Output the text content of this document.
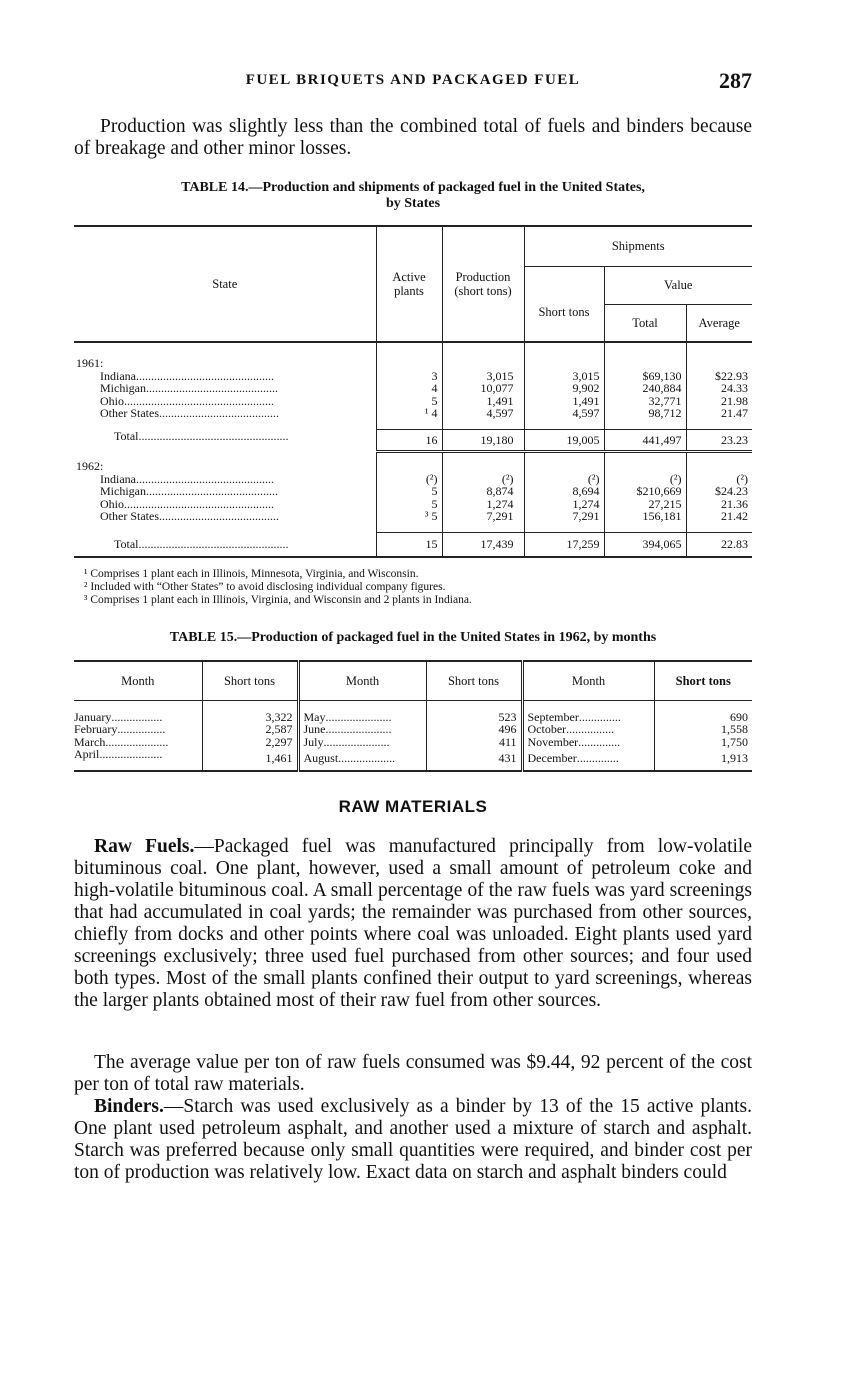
FUEL BRIQUETS AND PACKAGED FUEL	287

Production was slightly less than the combined total of fuels and binders because of breakage and other minor losses.

TABLE 14.—Production and shipments of packaged fuel in the United States,
by States
State	Active plants	Production (short tons)	Shipments		
			Short tons	Value	
				Total	Average
1961:					
Indiana..............................................	3	3,015	3,015	$69,130	$22.93
Michigan............................................	4	10,077	9,902	240,884	24.33
Ohio..................................................	5	1,491	1,491	32,771	21.98
Other States........................................	¹ 4	4,597	4,597	98,712	21.47
Total..................................................	16	19,180	19,005	441,497	23.23
1962:					
Indiana..............................................	(²)	(²)	(²)	(²)	(²)
Michigan............................................	5	8,874	8,694	$210,669	$24.23
Ohio..................................................	5	1,274	1,274	27,215	21.36
Other States........................................	³ 5	7,291	7,291	156,181	21.42
Total..................................................	15	17,439	17,259	394,065	22.83
¹ Comprises 1 plant each in Illinois, Minnesota, Virginia, and Wisconsin.
² Included with “Other States” to avoid disclosing individual company figures.
³ Comprises 1 plant each in Illinois, Virginia, and Wisconsin and 2 plants in Indiana.
TABLE 15.—Production of packaged fuel in the United States in 1962, by months
Month	Short tons	Month	Short tons	Month	Short tons

January.................	3,322	May......................	523	September..............	690
February................	2,587	June......................	496	October................	1,558
March.....................	2,297	July......................	411	November..............	1,750
April.....................	1,461	August...................	431	December..............	1,913

RAW MATERIALS

Raw Fuels.—Packaged fuel was manufactured principally from low-volatile bituminous coal. One plant, however, used a small amount of petroleum coke and high-volatile bituminous coal. A small percentage of the raw fuels was yard screenings that had accumulated in coal yards; the remainder was purchased from other sources, chiefly from docks and other points where coal was unloaded. Eight plants used yard screenings exclusively; three used fuel purchased from other sources; and four used both types. Most of the small plants confined their output to yard screenings, whereas the larger plants obtained most of their raw fuel from other sources.

The average value per ton of raw fuels consumed was $9.44, 92 percent of the cost per ton of total raw materials.

Binders.—Starch was used exclusively as a binder by 13 of the 15 active plants. One plant used petroleum asphalt, and another used a mixture of starch and asphalt. Starch was preferred because only small quantities were required, and binder cost per ton of production was relatively low. Exact data on starch and asphalt binders could
